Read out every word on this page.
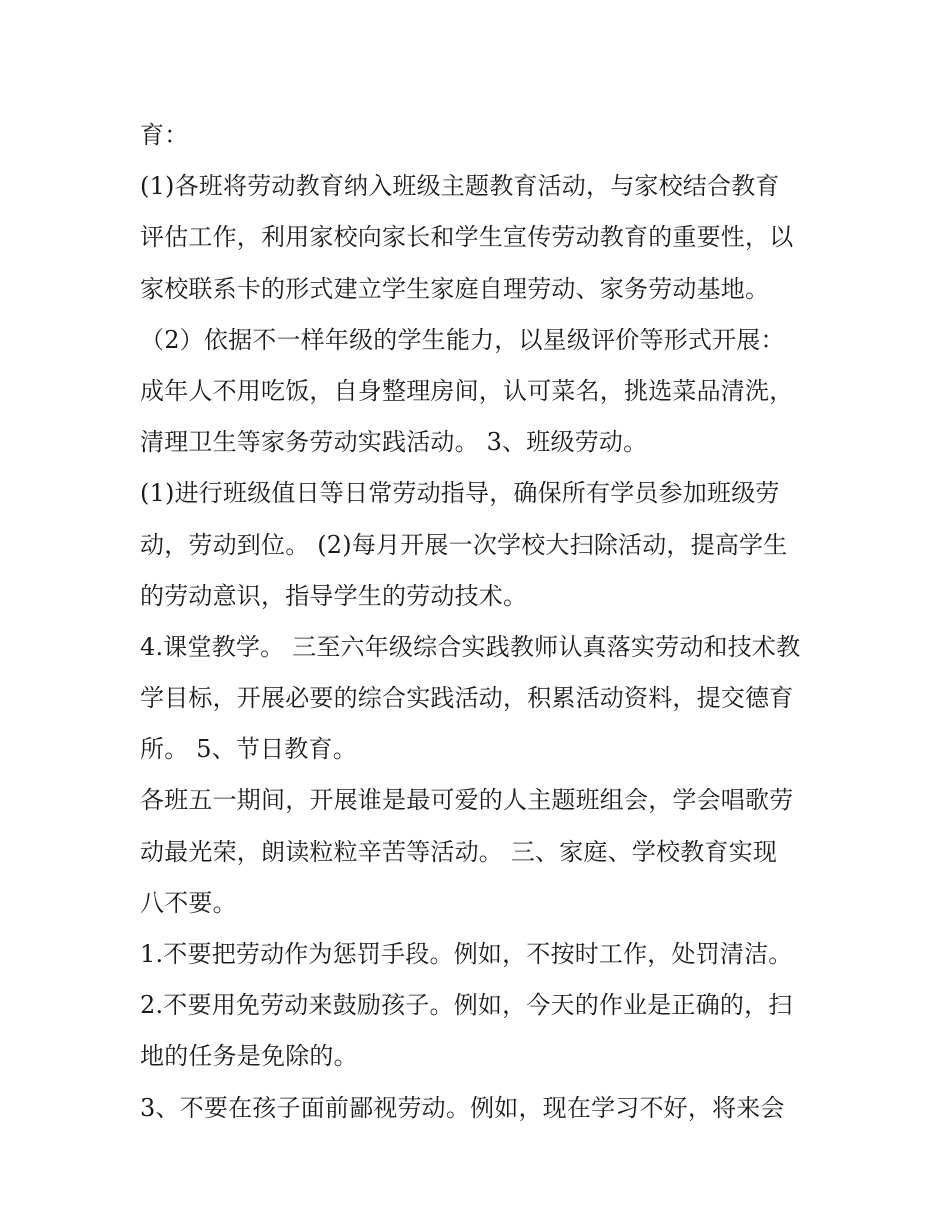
育：
(1)各班将劳动教育纳入班级主题教育活动，与家校结合教育
评估工作，利用家校向家长和学生宣传劳动教育的重要性，以
家校联系卡的形式建立学生家庭自理劳动、家务劳动基地。
（2）依据不一样年级的学生能力，以星级评价等形式开展：
成年人不用吃饭，自身整理房间，认可菜名，挑选菜品清洗，
清理卫生等家务劳动实践活动。 3、班级劳动。
(1)进行班级值日等日常劳动指导，确保所有学员参加班级劳
动，劳动到位。 (2)每月开展一次学校大扫除活动，提高学生
的劳动意识，指导学生的劳动技术。
4.课堂教学。 三至六年级综合实践教师认真落实劳动和技术教
学目标，开展必要的综合实践活动，积累活动资料，提交德育
所。 5、节日教育。
各班五一期间，开展谁是最可爱的人主题班组会，学会唱歌劳
动最光荣，朗读粒粒辛苦等活动。 三、家庭、学校教育实现
八不要。
1.不要把劳动作为惩罚手段。例如，不按时工作，处罚清洁。
2.不要用免劳动来鼓励孩子。例如，今天的作业是正确的，扫
地的任务是免除的。
3、不要在孩子面前鄙视劳动。例如，现在学习不好，将来会
